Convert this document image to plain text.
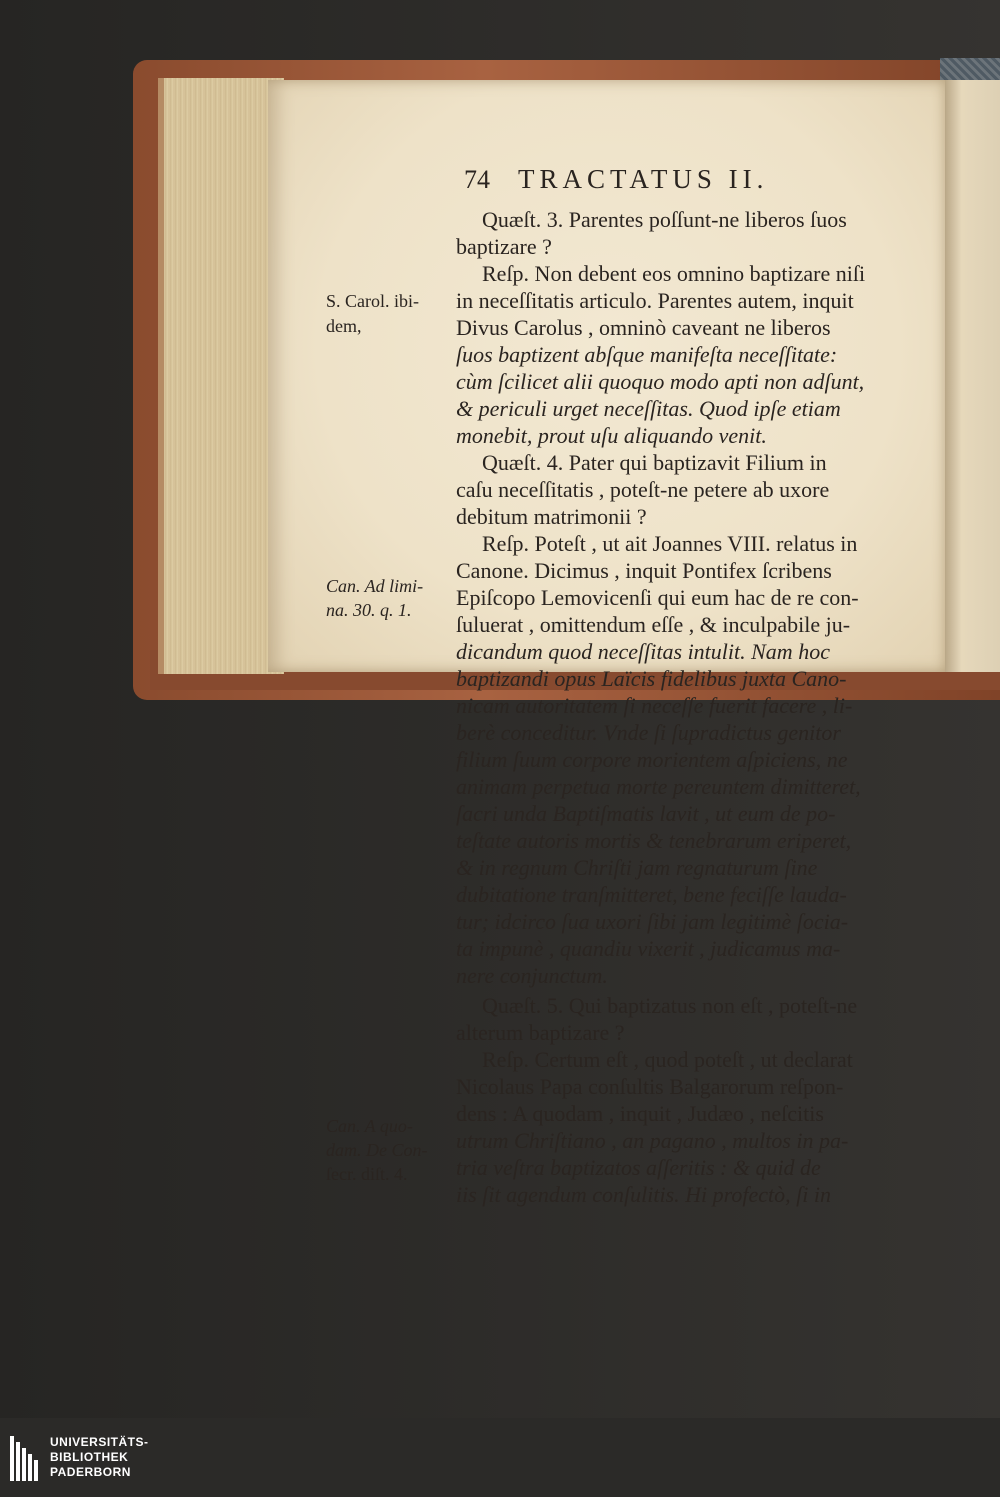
74 TRACTATUS II.
Quæſt. 3. Parentes poſſunt-ne liberos ſuos
baptizare ?
Reſp. Non debent eos omnino baptizare niſi
in neceſſitatis articulo. Parentes autem, inquit
Divus Carolus , omninò caveant ne liberos
ſuos baptizent abſque manifeſta neceſſitate:
cùm ſcilicet alii quoquo modo apti non adſunt,
& periculi urget neceſſitas. Quod ipſe etiam
monebit, prout uſu aliquando venit.
Quæſt. 4. Pater qui baptizavit Filium in
caſu neceſſitatis , poteſt-ne petere ab uxore
debitum matrimonii ?
Reſp. Poteſt , ut ait Joannes VIII. relatus in
Canone. Dicimus , inquit Pontifex ſcribens
Epiſcopo Lemovicenſi qui eum hac de re con-
ſuluerat , omittendum eſſe , & inculpabile ju-
dicandum quod neceſſitas intulit. Nam hoc
baptizandi opus Laïcis fidelibus juxta Cano-
nicam autoritatem ſi neceſſe fuerit facere , li-
berè conceditur. Vnde ſi ſupradictus genitor
filium ſuum corpore morientem aſpiciens, ne
animam perpetua morte pereuntem dimitteret,
ſacri unda Baptiſmatis lavit , ut eum de po-
teſtate autoris mortis & tenebrarum eriperet,
& in regnum Chriſti jam regnaturum ſine
dubitatione tranſmitteret, bene feciſſe lauda-
tur; idcirco ſua uxori ſibi jam legitimè ſocia-
ta impunè , quandiu vixerit , judicamus ma-
nere conjunctum.
Quæſt. 5. Qui baptizatus non eſt , poteſt-ne
alterum baptizare ?
Reſp. Certum eſt , quod poteſt , ut declarat
Nicolaus Papa conſultis Balgarorum reſpon-
dens : A quodam , inquit , Judæo , neſcitis
utrum Chriſtiano , an pagano , multos in pa-
tria veſtra baptizatos aſſeritis : & quid de
iis ſit agendum conſulitis. Hi profectò, ſi in
S. Carol. ibi-
dem,
Can. Ad limi-
na. 30. q. 1.
Can. A quo-
dam. De Con-
ſecr. diſt. 4.
UNIVERSITÄTS-
BIBLIOTHEK
PADERBORN
